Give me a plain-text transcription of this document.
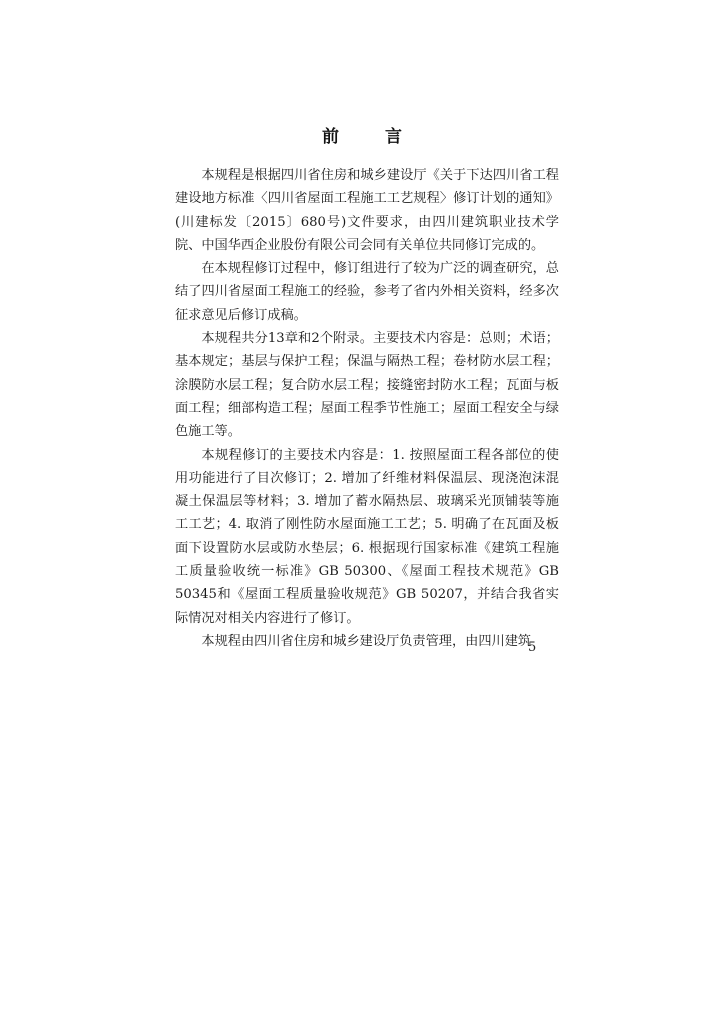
前 言

本规程是根据四川省住房和城乡建设厅《关于下达四川省工程建设地方标准〈四川省屋面工程施工工艺规程〉修订计划的通知》(川建标发〔2015〕680号)文件要求，由四川建筑职业技术学院、中国华西企业股份有限公司会同有关单位共同修订完成的。

在本规程修订过程中，修订组进行了较为广泛的调查研究，总结了四川省屋面工程施工的经验，参考了省内外相关资料，经多次征求意见后修订成稿。

本规程共分13章和2个附录。主要技术内容是：总则；术语；基本规定；基层与保护工程；保温与隔热工程；卷材防水层工程；涂膜防水层工程；复合防水层工程；接缝密封防水工程；瓦面与板面工程；细部构造工程；屋面工程季节性施工；屋面工程安全与绿色施工等。

本规程修订的主要技术内容是：1. 按照屋面工程各部位的使用功能进行了目次修订；2. 增加了纤维材料保温层、现浇泡沫混凝土保温层等材料；3. 增加了蓄水隔热层、玻璃采光顶铺装等施工工艺；4. 取消了刚性防水屋面施工工艺；5. 明确了在瓦面及板面下设置防水层或防水垫层；6. 根据现行国家标准《建筑工程施工质量验收统一标准》GB 50300、《屋面工程技术规范》GB 50345和《屋面工程质量验收规范》GB 50207，并结合我省实际情况对相关内容进行了修订。

本规程由四川省住房和城乡建设厅负责管理，由四川建筑

5
